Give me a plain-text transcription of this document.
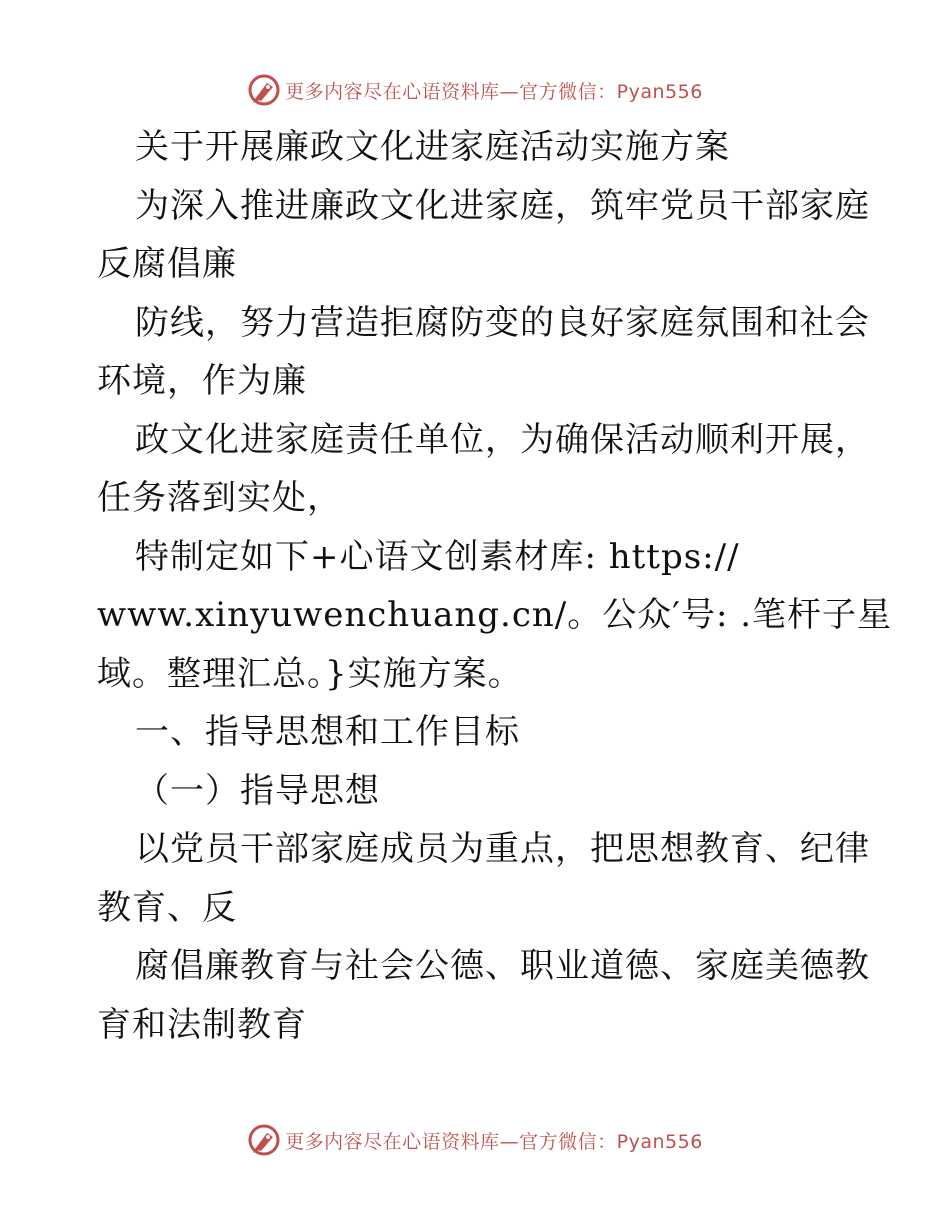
更多内容尽在心语资料库—官方微信：Pyan556
关于开展廉政文化进家庭活动实施方案
为深入推进廉政文化进家庭，筑牢党员干部家庭
反腐倡廉
防线，努力营造拒腐防变的良好家庭氛围和社会
环境，作为廉
政文化进家庭责任单位，为确保活动顺利开展，
任务落到实处，
特制定如下+心语文创素材库: https://
www.xinyuwenchuang.cn/。公众′号: .笔杆子星
域。整理汇总。}实施方案。
一、指导思想和工作目标
（一）指导思想
以党员干部家庭成员为重点，把思想教育、纪律
教育、反
腐倡廉教育与社会公德、职业道德、家庭美德教
育和法制教育
更多内容尽在心语资料库—官方微信：Pyan556
